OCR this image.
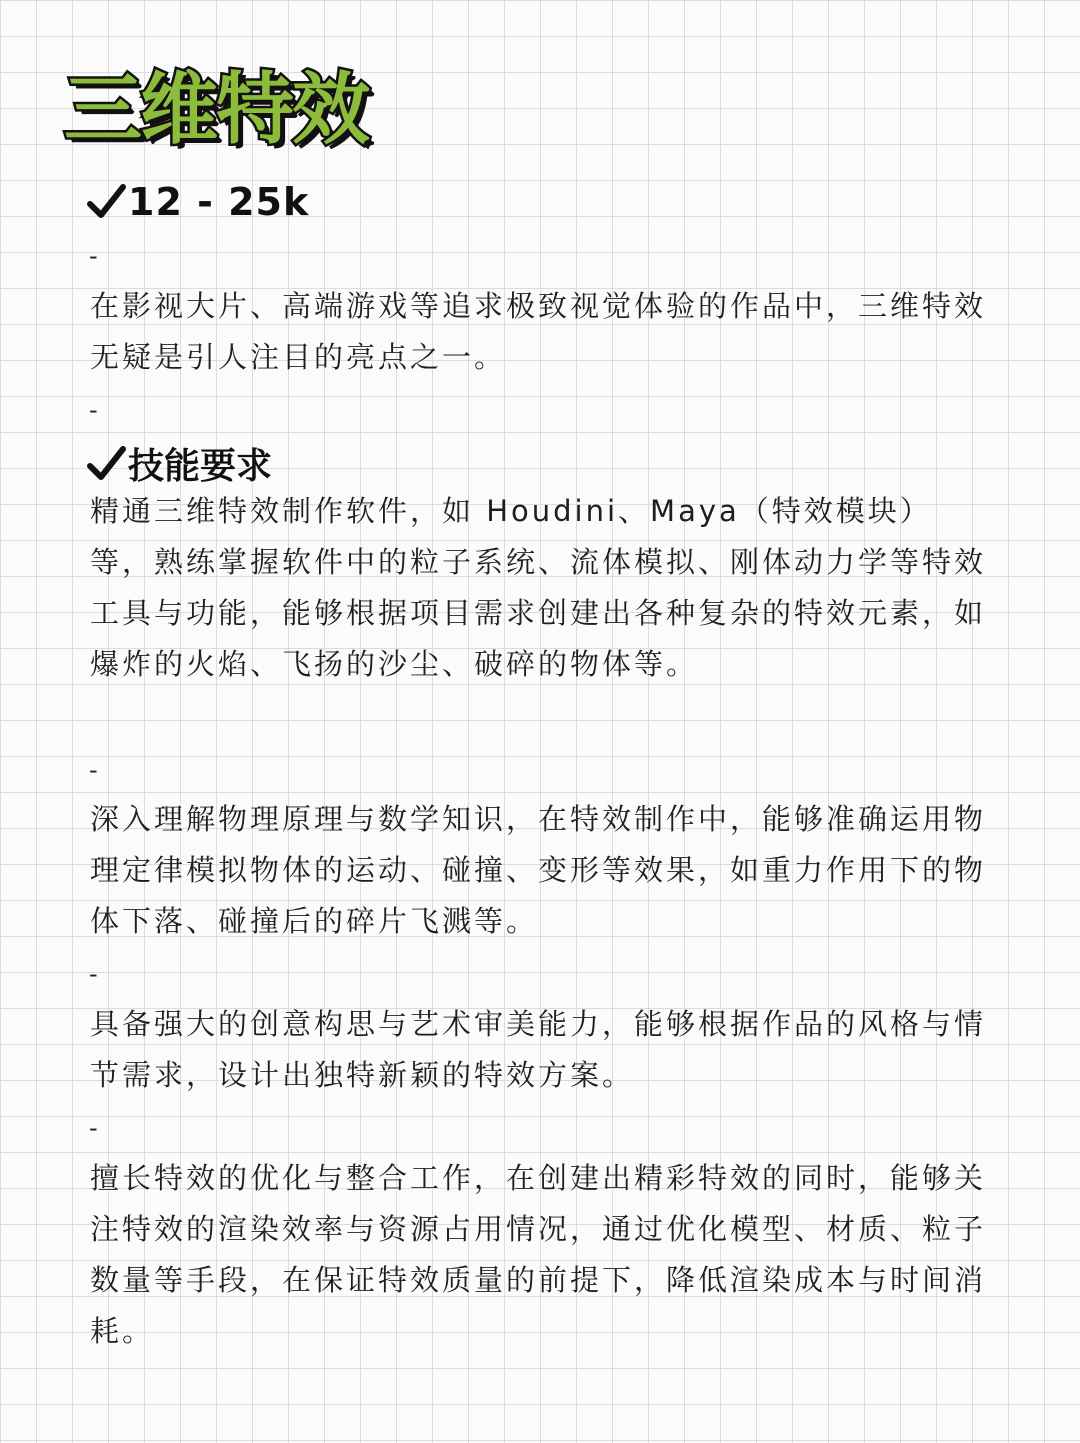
三维特效
12 - 25k
-

在影视大片、高端游戏等追求极致视觉体验的作品中，三维特效无疑是引人注目的亮点之一。

-
技能要求

精通三维特效制作软件，如 Houdini、Maya（特效模块）等，熟练掌握软件中的粒子系统、流体模拟、刚体动力学等特效工具与功能，能够根据项目需求创建出各种复杂的特效元素，如爆炸的火焰、飞扬的沙尘、破碎的物体等。

-

深入理解物理原理与数学知识，在特效制作中，能够准确运用物理定律模拟物体的运动、碰撞、变形等效果，如重力作用下的物体下落、碰撞后的碎片飞溅等。

-

具备强大的创意构思与艺术审美能力，能够根据作品的风格与情节需求，设计出独特新颖的特效方案。

-

擅长特效的优化与整合工作，在创建出精彩特效的同时，能够关注特效的渲染效率与资源占用情况，通过优化模型、材质、粒子数量等手段，在保证特效质量的前提下，降低渲染成本与时间消耗。
